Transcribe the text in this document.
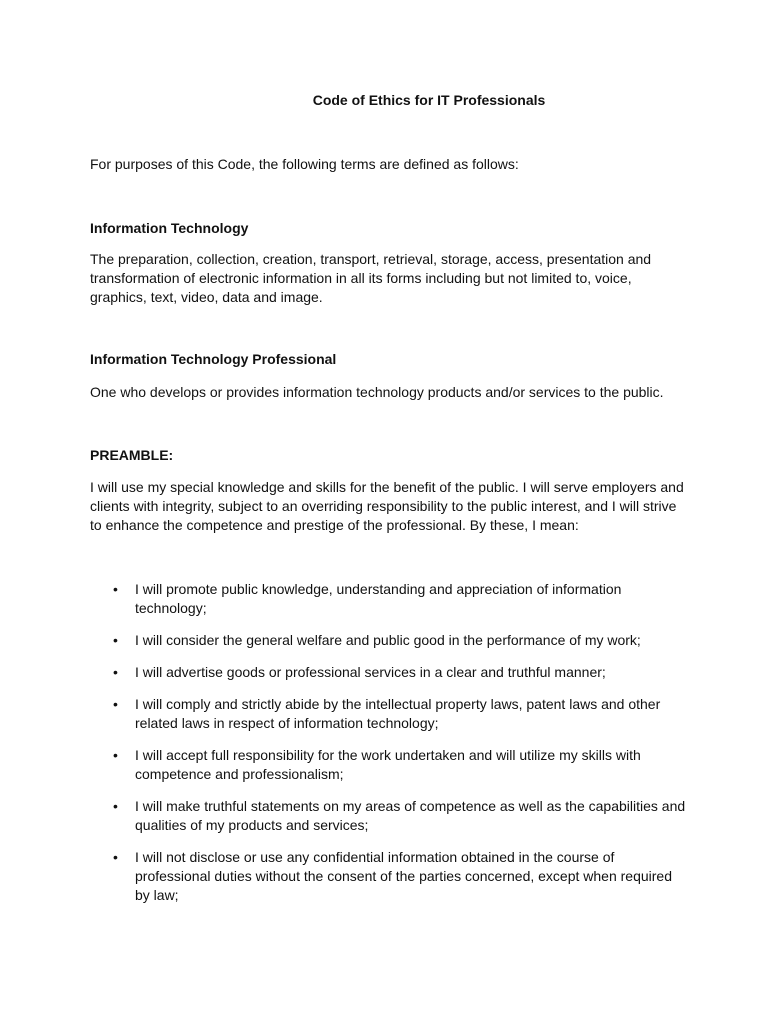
Code of Ethics for IT Professionals

For purposes of this Code, the following terms are defined as follows:

Information Technology

The preparation, collection, creation, transport, retrieval, storage, access, presentation and transformation of electronic information in all its forms including but not limited to, voice, graphics, text, video, data and image.

Information Technology Professional

One who develops or provides information technology products and/or services to the public.

PREAMBLE:

I will use my special knowledge and skills for the benefit of the public. I will serve employers and clients with integrity, subject to an overriding responsibility to the public interest, and I will strive to enhance the competence and prestige of the professional. By these, I mean:

• I will promote public knowledge, understanding and appreciation of information technology;
• I will consider the general welfare and public good in the performance of my work;
• I will advertise goods or professional services in a clear and truthful manner;
• I will comply and strictly abide by the intellectual property laws, patent laws and other related laws in respect of information technology;
• I will accept full responsibility for the work undertaken and will utilize my skills with competence and professionalism;
• I will make truthful statements on my areas of competence as well as the capabilities and qualities of my products and services;
• I will not disclose or use any confidential information obtained in the course of professional duties without the consent of the parties concerned, except when required by law;
